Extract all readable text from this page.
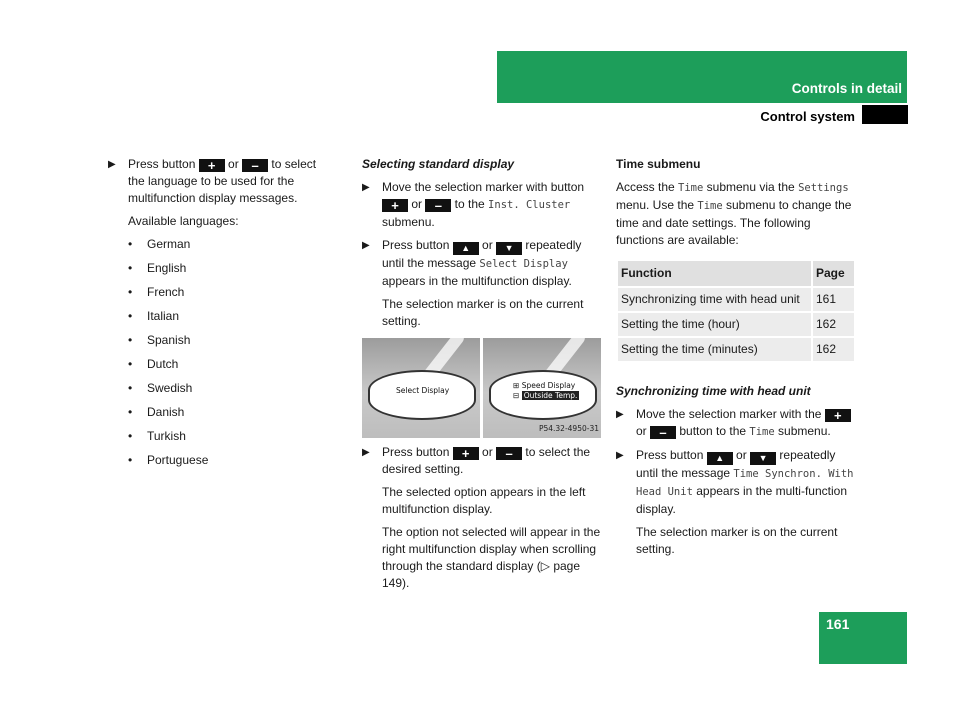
Controls in detail
Control system
▶ Press button + or – to select the language to be used for the multifunction display messages.
Available languages:
• German
• English
• French
• Italian
• Spanish
• Dutch
• Swedish
• Danish
• Turkish
• Portuguese
Selecting standard display
▶ Move the selection marker with button + or – to the Inst. Cluster submenu.
▶ Press button ▲ or ▼ repeatedly until the message Select Display appears in the multifunction display.
The selection marker is on the current setting.
Select Display
⊞ Speed Display
⊟ Outside Temp.
P54.32-4950-31
▶ Press button + or – to select the desired setting.
The selected option appears in the left multifunction display.
The option not selected will appear in the right multifunction display when scrolling through the standard display (▷ page 149).
Time submenu
Access the Time submenu via the Settings menu. Use the Time submenu to change the time and date settings. The following functions are available:
Function	Page
Synchronizing time with head unit	161
Setting the time (hour)	162
Setting the time (minutes)	162
Synchronizing time with head unit
▶ Move the selection marker with the + or – button to the Time submenu.
▶ Press button ▲ or ▼ repeatedly until the message Time Synchron. With Head Unit appears in the multi-function display.
The selection marker is on the current setting.
161
